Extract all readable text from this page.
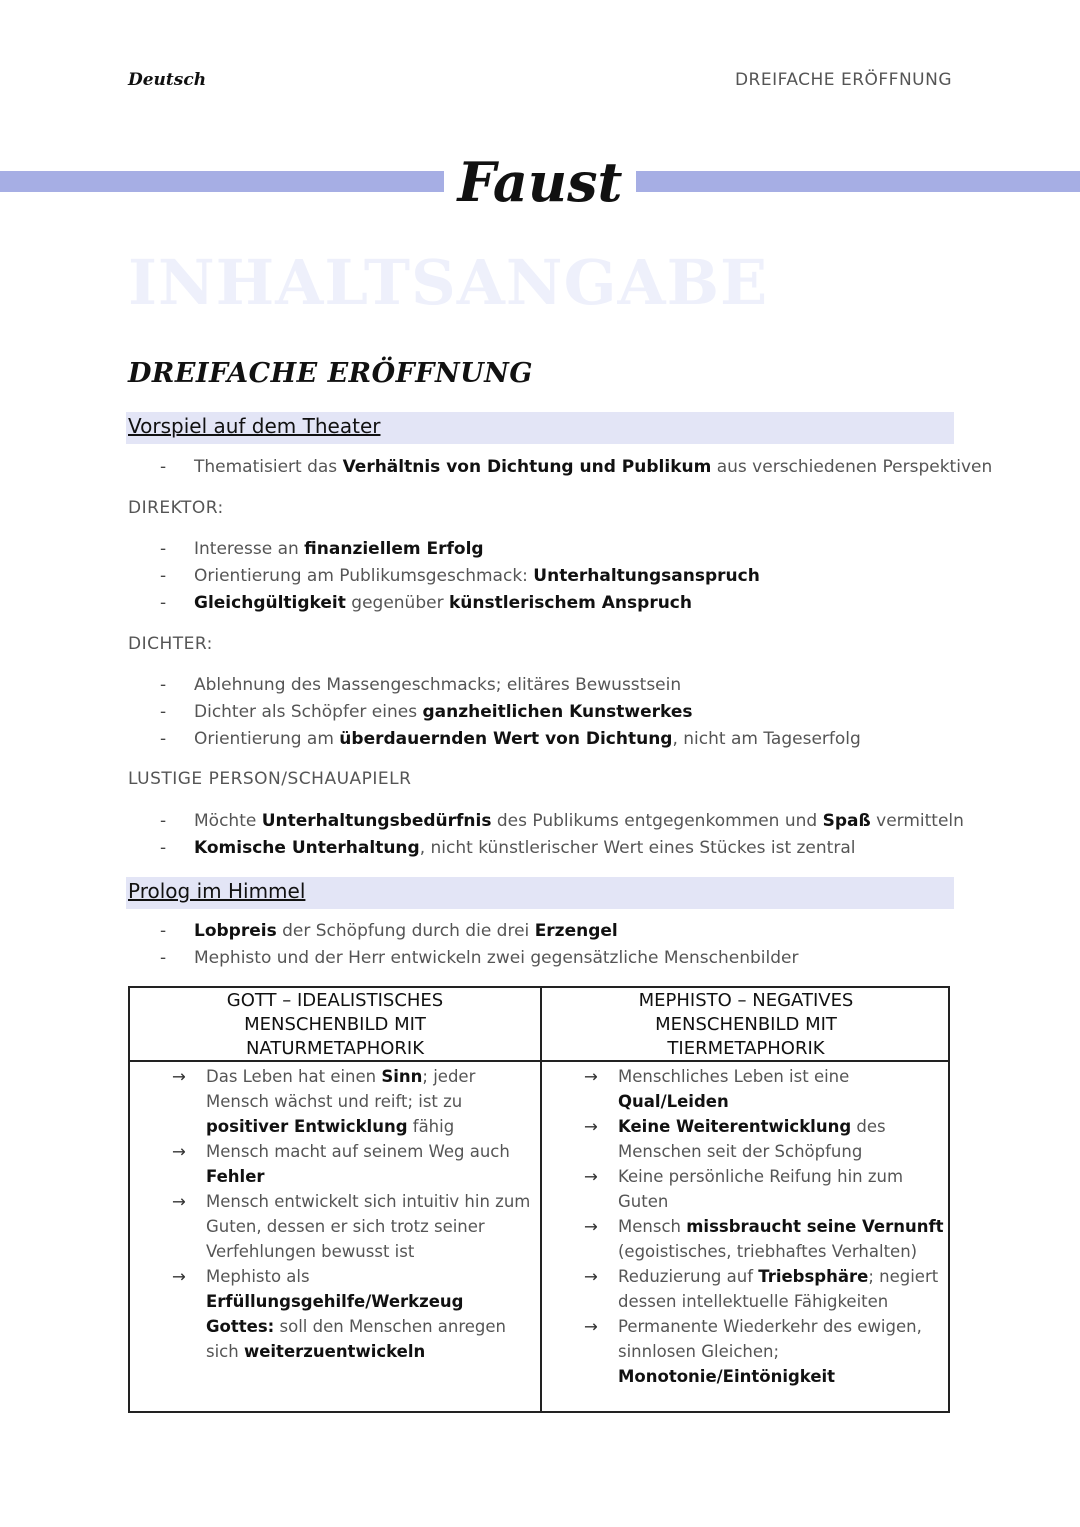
Deutsch	DREIFACHE ERÖFFNUNG
Faust
INHALTSANGABE
DREIFACHE ERÖFFNUNG
Vorspiel auf dem Theater
- Thematisiert das Verhältnis von Dichtung und Publikum aus verschiedenen Perspektiven
DIREKTOR:
- Interesse an finanziellem Erfolg
- Orientierung am Publikumsgeschmack: Unterhaltungsanspruch
- Gleichgültigkeit gegenüber künstlerischem Anspruch
DICHTER:
- Ablehnung des Massengeschmacks; elitäres Bewusstsein
- Dichter als Schöpfer eines ganzheitlichen Kunstwerkes
- Orientierung am überdauernden Wert von Dichtung, nicht am Tageserfolg
LUSTIGE PERSON/SCHAUAPIELR
- Möchte Unterhaltungsbedürfnis des Publikums entgegenkommen und Spaß vermitteln
- Komische Unterhaltung, nicht künstlerischer Wert eines Stückes ist zentral
Prolog im Himmel
- Lobpreis der Schöpfung durch die drei Erzengel
- Mephisto und der Herr entwickeln zwei gegensätzliche Menschenbilder
GOTT – IDEALISTISCHES
MENSCHENBILD MIT
NATURMETAPHORIK
→ Das Leben hat einen Sinn; jeder Mensch wächst und reift; ist zu positiver Entwicklung fähig
→ Mensch macht auf seinem Weg auch Fehler
→ Mensch entwickelt sich intuitiv hin zum Guten, dessen er sich trotz seiner Verfehlungen bewusst ist
→ Mephisto als Erfüllungsgehilfe/Werkzeug Gottes: soll den Menschen anregen sich weiterzuentwickeln
MEPHISTO – NEGATIVES
MENSCHENBILD MIT
TIERMETAPHORIK
→ Menschliches Leben ist eine Qual/Leiden
→ Keine Weiterentwicklung des Menschen seit der Schöpfung
→ Keine persönliche Reifung hin zum Guten
→ Mensch missbraucht seine Vernunft (egoistisches, triebhaftes Verhalten)
→ Reduzierung auf Triebsphäre; negiert dessen intellektuelle Fähigkeiten
→ Permanente Wiederkehr des ewigen, sinnlosen Gleichen; Monotonie/Eintönigkeit
